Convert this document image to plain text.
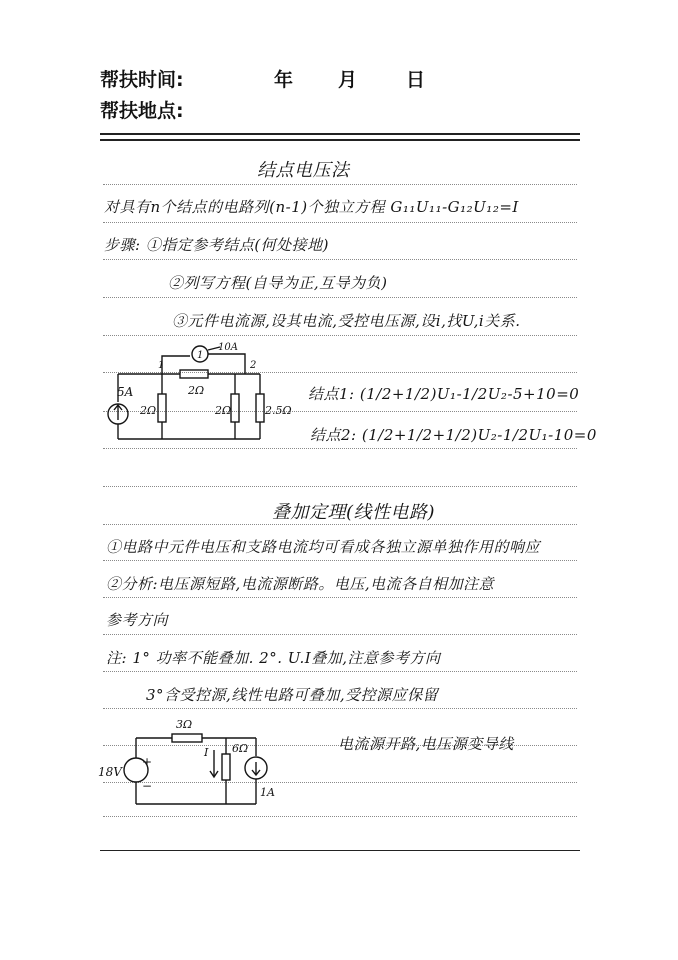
帮扶时间:	年 月	日
帮扶地点:
结点电压法
对具有n个结点的电路列(n-1)个独立方程 G₁₁U₁₁-G₁₂U₁₂=I
步骤: ①指定参考结点(何处接地)
②列写方程(自导为正,互导为负)
③元件电流源,设其电流,受控电压源,设i,找U,i关系.
5A
1
10A
2Ω
2Ω
2Ω	2.5Ω
1	2
结点1: (1/2+1/2)U₁-1/2U₂-5+10=0
结点2: (1/2+1/2+1/2)U₂-1/2U₁-10=0
叠加定理(线性电路)
①电路中元件电压和支路电流均可看成各独立源单独作用的响应
②分析:电压源短路,电流源断路。电压,电流各自相加注意
参考方向
注: 1° 功率不能叠加. 2°. U.I叠加,注意参考方向
3°含受控源,线性电路可叠加,受控源应保留
18V
+
−
3Ω
6Ω
1A
I	电流源开路,电压源变导线
